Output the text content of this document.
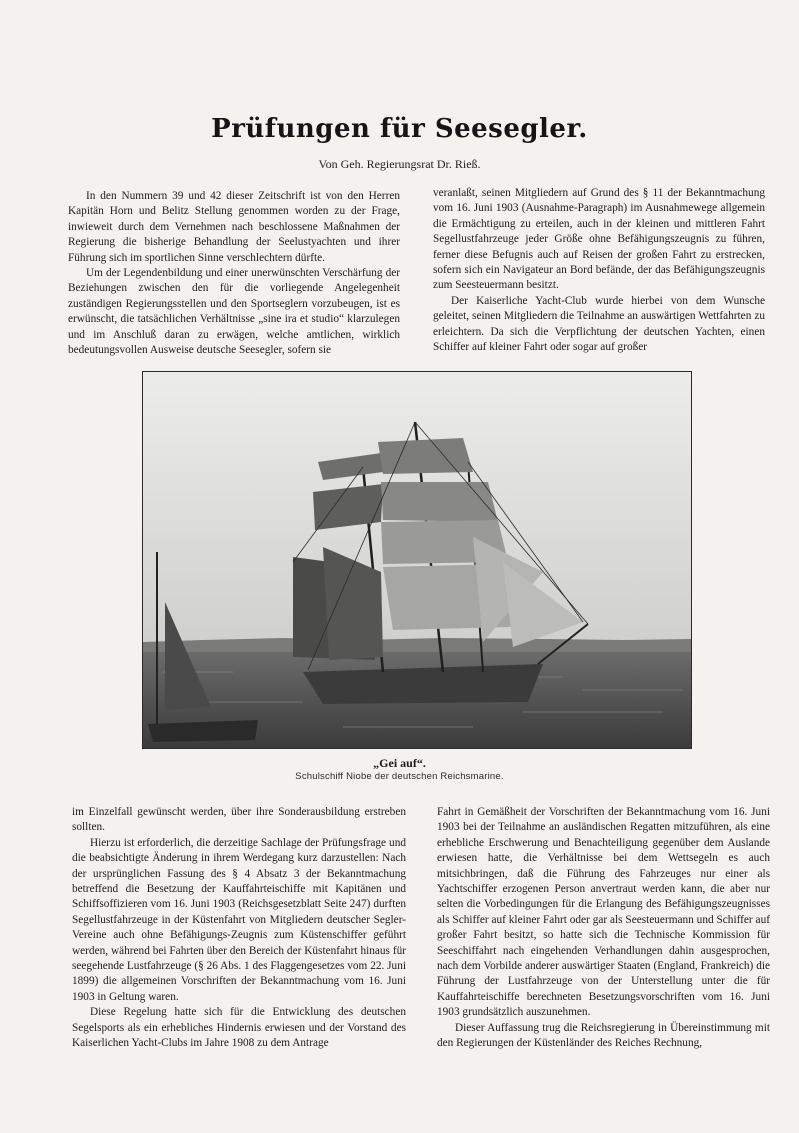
Prüfungen für Seesegler.
Von Geh. Regierungsrat Dr. Rieß.

In den Nummern 39 und 42 dieser Zeitschrift ist von den Herren Kapitän Horn und Belitz Stellung genommen worden zu der Frage, inwieweit durch dem Vernehmen nach beschlossene Maßnahmen der Regierung die bisherige Behandlung der Seelustyachten und ihrer Führung sich im sportlichen Sinne verschlechtern dürfte.

Um der Legendenbildung und einer unerwünschten Verschärfung der Beziehungen zwischen den für die vorliegende Angelegenheit zuständigen Regierungsstellen und den Sportseglern vorzubeugen, ist es erwünscht, die tatsächlichen Verhältnisse „sine ira et studio“ klarzulegen und im Anschluß daran zu erwägen, welche amtlichen, wirklich bedeutungsvollen Ausweise deutsche Seesegler, sofern sie

veranlaßt, seinen Mitgliedern auf Grund des § 11 der Bekanntmachung vom 16. Juni 1903 (Ausnahme-Paragraph) im Ausnahmewege allgemein die Ermächtigung zu erteilen, auch in der kleinen und mittleren Fahrt Segellustfahrzeuge jeder Größe ohne Befähigungszeugnis zu führen, ferner diese Befugnis auch auf Reisen der großen Fahrt zu erstrecken, sofern sich ein Navigateur an Bord befände, der das Befähigungszeugnis zum Seesteuermann besitzt.

Der Kaiserliche Yacht-Club wurde hierbei von dem Wunsche geleitet, seinen Mitgliedern die Teilnahme an auswärtigen Wettfahrten zu erleichtern. Da sich die Verpflichtung der deutschen Yachten, einen Schiffer auf kleiner Fahrt oder sogar auf großer

„Gei auf“.
Schulschiff Niobe der deutschen Reichsmarine.

im Einzelfall gewünscht werden, über ihre Sonderausbildung erstreben sollten.

Hierzu ist erforderlich, die derzeitige Sachlage der Prüfungsfrage und die beabsichtigte Änderung in ihrem Werdegang kurz darzustellen: Nach der ursprünglichen Fassung des § 4 Absatz 3 der Bekanntmachung betreffend die Besetzung der Kauffahrteischiffe mit Kapitänen und Schiffsoffizieren vom 16. Juni 1903 (Reichsgesetzblatt Seite 247) durften Segellustfahrzeuge in der Küstenfahrt von Mitgliedern deutscher Segler-Vereine auch ohne Befähigungs-Zeugnis zum Küstenschiffer geführt werden, während bei Fahrten über den Bereich der Küstenfahrt hinaus für seegehende Lustfahrzeuge (§ 26 Abs. 1 des Flaggengesetzes vom 22. Juni 1899) die allgemeinen Vorschriften der Bekanntmachung vom 16. Juni 1903 in Geltung waren.

Diese Regelung hatte sich für die Entwicklung des deutschen Segelsports als ein erhebliches Hindernis erwiesen und der Vorstand des Kaiserlichen Yacht-Clubs im Jahre 1908 zu dem Antrage

Fahrt in Gemäßheit der Vorschriften der Bekanntmachung vom 16. Juni 1903 bei der Teilnahme an ausländischen Regatten mitzuführen, als eine erhebliche Erschwerung und Benachteiligung gegenüber dem Auslande erwiesen hatte, die Verhältnisse bei dem Wettsegeln es auch mitsichbringen, daß die Führung des Fahrzeuges nur einer als Yachtschiffer erzogenen Person anvertraut werden kann, die aber nur selten die Vorbedingungen für die Erlangung des Befähigungszeugnisses als Schiffer auf kleiner Fahrt oder gar als Seesteuermann und Schiffer auf großer Fahrt besitzt, so hatte sich die Technische Kommission für Seeschiffahrt nach eingehenden Verhandlungen dahin ausgesprochen, nach dem Vorbilde anderer auswärtiger Staaten (England, Frankreich) die Führung der Lustfahrzeuge von der Unterstellung unter die für Kauffahrteischiffe berechneten Besetzungsvorschriften vom 16. Juni 1903 grundsätzlich auszunehmen.

Dieser Auffassung trug die Reichsregierung in Übereinstimmung mit den Regierungen der Küstenländer des Reiches Rechnung,
